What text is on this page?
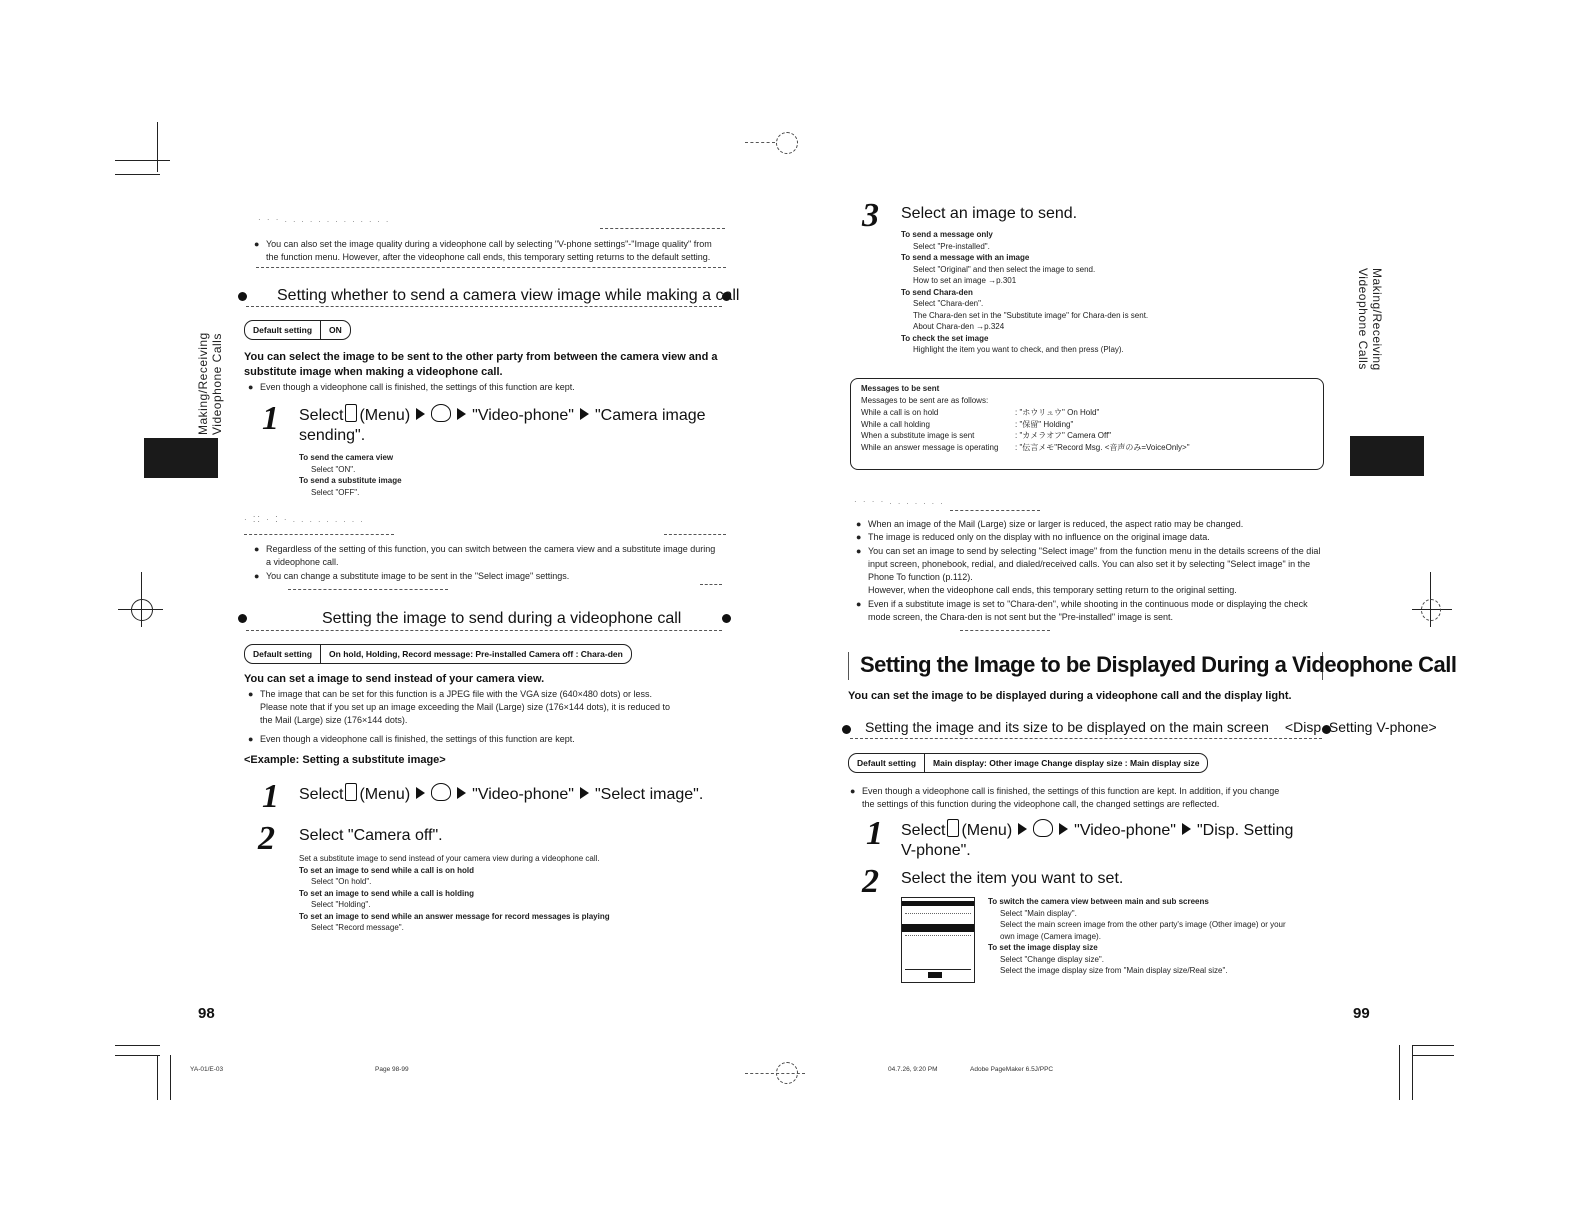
Making/Receiving Videophone Calls
Making/Receiving Videophone Calls
· · · . . . . . . . . . . . . .
● You can also set the image quality during a videophone call by selecting "V-phone settings"-"Image quality" from the function menu. However, after the videophone call ends, this temporary setting returns to the default setting.
Setting whether to send a camera view image while making a call
Default setting	ON
You can select the image to be sent to the other party from between the camera view and a substitute image when making a videophone call.
● Even though a videophone call is finished, the settings of this function are kept.
1 Select (Menu)	"Video-phone" "Camera image sending".
To send the camera view
Select "ON".
To send a substitute image
Select "OFF".
· ⁚⁚ · ⁚ · . . . . . . . . .
● Regardless of the setting of this function, you can switch between the camera view and a substitute image during a videophone call.
● You can change a substitute image to be sent in the "Select image" settings.
Setting the image to send during a videophone call
Default setting	On hold, Holding, Record message: Pre-installed Camera off : Chara-den
You can set a image to send instead of your camera view.
● The image that can be set for this function is a JPEG file with the VGA size (640×480 dots) or less.
Please note that if you set up an image exceeding the Mail (Large) size (176×144 dots), it is reduced to
the Mail (Large) size (176×144 dots).
● Even though a videophone call is finished, the settings of this function are kept.
<Example: Setting a substitute image>
1 Select (Menu)	"Video-phone" "Select image".
2 Select "Camera off".
Set a substitute image to send instead of your camera view during a videophone call.
To set an image to send while a call is on hold
Select "On hold".
To set an image to send while a call is holding
Select "Holding".
To set an image to send while an answer message for record messages is playing
Select "Record message".
98
YA-01/E-03	Page 98-99
3 Select an image to send.
To send a message only
Select "Pre-installed".
To send a message with an image
Select "Original" and then select the image to send.
How to set an image →p.301
To send Chara-den
Select "Chara-den".
The Chara-den set in the "Substitute image" for Chara-den is sent.
About Chara-den →p.324
To check the set image
Highlight the item you want to check, and then press (Play).
Messages to be sent
Messages to be sent are as follows:
While a call is on hold	: "ホウリュウ" On Hold"
While a call holding	: "保留" Holding"
When a substitute image is sent	: "カメラオフ" Camera Off"
While an answer message is operating	: "伝言メモ"Record Msg. <音声のみ=VoiceOnly>"
· · · · . . . . . . .
● When an image of the Mail (Large) size or larger is reduced, the aspect ratio may be changed.
● The image is reduced only on the display with no influence on the original image data.
● You can set an image to send by selecting "Select image" from the function menu in the details screens of the dial
input screen, phonebook, redial, and dialed/received calls. You can also set it by selecting "Select image" in the
Phone To function (p.112).
However, when the videophone call ends, this temporary setting return to the original setting.
● Even if a substitute image is set to "Chara-den", while shooting in the continuous mode or displaying the check
mode screen, the Chara-den is not sent but the "Pre-installed" image is sent.
Setting the Image to be Displayed During a Videophone Call
You can set the image to be displayed during a videophone call and the display light.
Setting the image and its size to be displayed on the main screen <Disp. Setting V-phone>
Default setting	Main display: Other image Change display size : Main display size
● Even though a videophone call is finished, the settings of this function are kept. In addition, if you change
the settings of this function during the videophone call, the changed settings are reflected.
1 Select (Menu)	"Video-phone" "Disp. Setting
V-phone".
2 Select the item you want to set.
To switch the camera view between main and sub screens
Select "Main display".
Select the main screen image from the other party's image (Other image) or your
own image (Camera image).
To set the image display size
Select "Change display size".
Select the image display size from "Main display size/Real size".
99
04.7.26, 9:20 PM	Adobe PageMaker 6.5J/PPC
